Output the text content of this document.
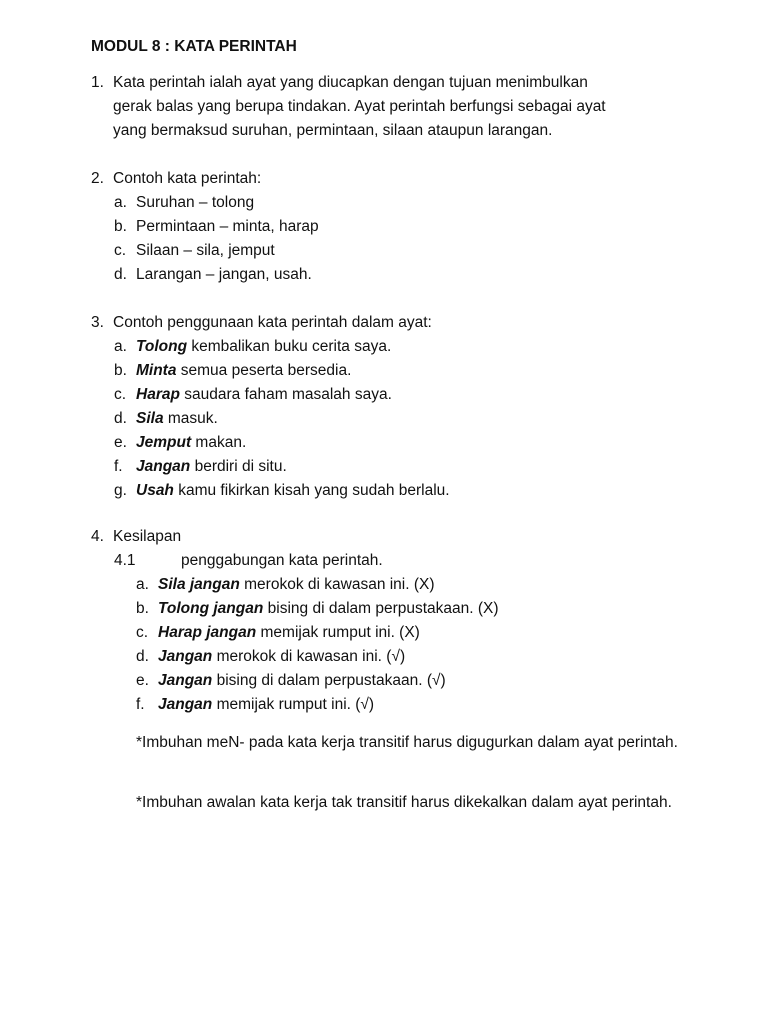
MODUL 8 : KATA PERINTAH
1. Kata perintah ialah ayat yang diucapkan dengan tujuan menimbulkan
gerak balas yang berupa tindakan. Ayat perintah berfungsi sebagai ayat
yang bermaksud suruhan, permintaan, silaan ataupun larangan.
2. Contoh kata perintah:
a. Suruhan – tolong
b. Permintaan – minta, harap
c. Silaan – sila, jemput
d. Larangan – jangan, usah.
3. Contoh penggunaan kata perintah dalam ayat:
a. Tolong kembalikan buku cerita saya.
b. Minta semua peserta bersedia.
c. Harap saudara faham masalah saya.
d. Sila masuk.
e. Jemput makan.
f. Jangan berdiri di situ.
g. Usah kamu fikirkan kisah yang sudah berlalu.
4. Kesilapan
4.1	penggabungan kata perintah.
a. Sila jangan merokok di kawasan ini. (X)
b. Tolong jangan bising di dalam perpustakaan. (X)
c. Harap jangan memijak rumput ini. (X)
d. Jangan merokok di kawasan ini. (√)
e. Jangan bising di dalam perpustakaan. (√)
f. Jangan memijak rumput ini. (√)
*Imbuhan meN- pada kata kerja transitif harus digugurkan dalam ayat perintah.
*Imbuhan awalan kata kerja tak transitif harus dikekalkan dalam ayat perintah.
